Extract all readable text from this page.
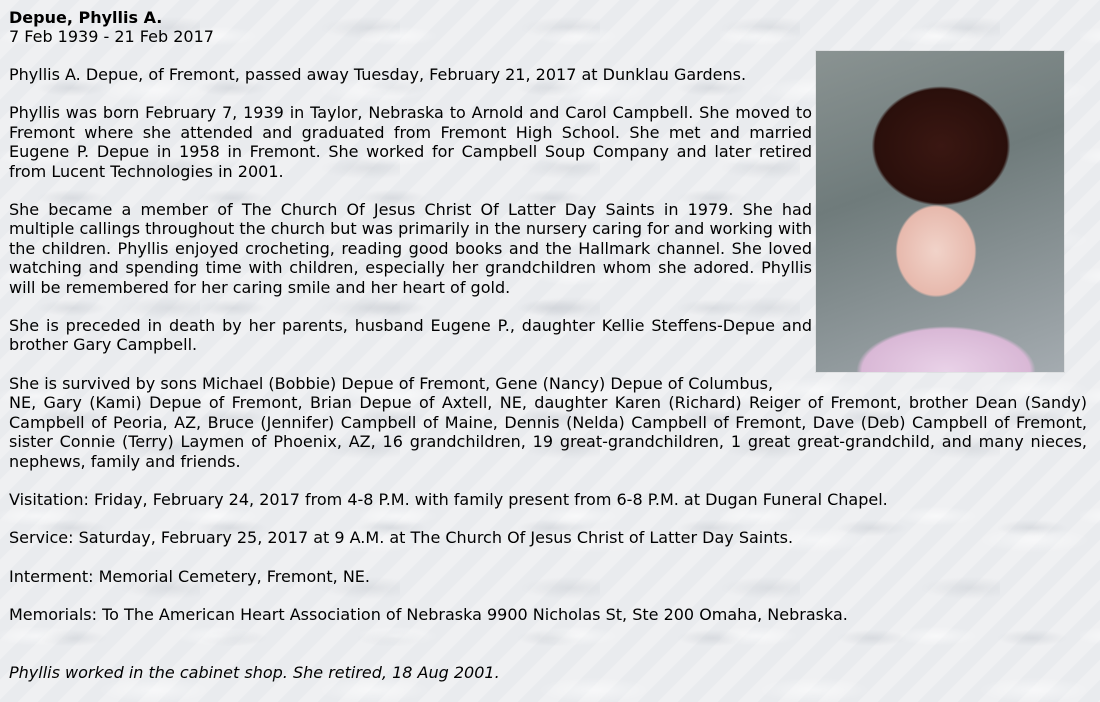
Depue, Phyllis A.
7 Feb 1939 - 21 Feb 2017

Phyllis A. Depue, of Fremont, passed away Tuesday, February 21, 2017 at Dunklau Gardens.

Phyllis was born February 7, 1939 in Taylor, Nebraska to Arnold and Carol Campbell. She moved to Fremont where she attended and graduated from Fremont High School. She met and married Eugene P. Depue in 1958 in Fremont. She worked for Campbell Soup Company and later retired from Lucent Technologies in 2001.

She became a member of The Church Of Jesus Christ Of Latter Day Saints in 1979. She had multiple callings throughout the church but was primarily in the nursery caring for and working with the children. Phyllis enjoyed crocheting, reading good books and the Hallmark channel. She loved watching and spending time with children, especially her grandchildren whom she adored. Phyllis will be remembered for her caring smile and her heart of gold.

She is preceded in death by her parents, husband Eugene P., daughter Kellie Steffens-Depue and brother Gary Campbell.

She is survived by sons Michael (Bobbie) Depue of Fremont, Gene (Nancy) Depue of Columbus,

NE, Gary (Kami) Depue of Fremont, Brian Depue of Axtell, NE, daughter Karen (Richard) Reiger of Fremont, brother Dean (Sandy) Campbell of Peoria, AZ, Bruce (Jennifer) Campbell of Maine, Dennis (Nelda) Campbell of Fremont, Dave (Deb) Campbell of Fremont, sister Connie (Terry) Laymen of Phoenix, AZ, 16 grandchildren, 19 great-grandchildren, 1 great great-grandchild, and many nieces, nephews, family and friends.

Visitation: Friday, February 24, 2017 from 4-8 P.M. with family present from 6-8 P.M. at Dugan Funeral Chapel.

Service: Saturday, February 25, 2017 at 9 A.M. at The Church Of Jesus Christ of Latter Day Saints.

Interment: Memorial Cemetery, Fremont, NE.

Memorials: To The American Heart Association of Nebraska 9900 Nicholas St, Ste 200 Omaha, Nebraska.

Phyllis worked in the cabinet shop. She retired, 18 Aug 2001.
